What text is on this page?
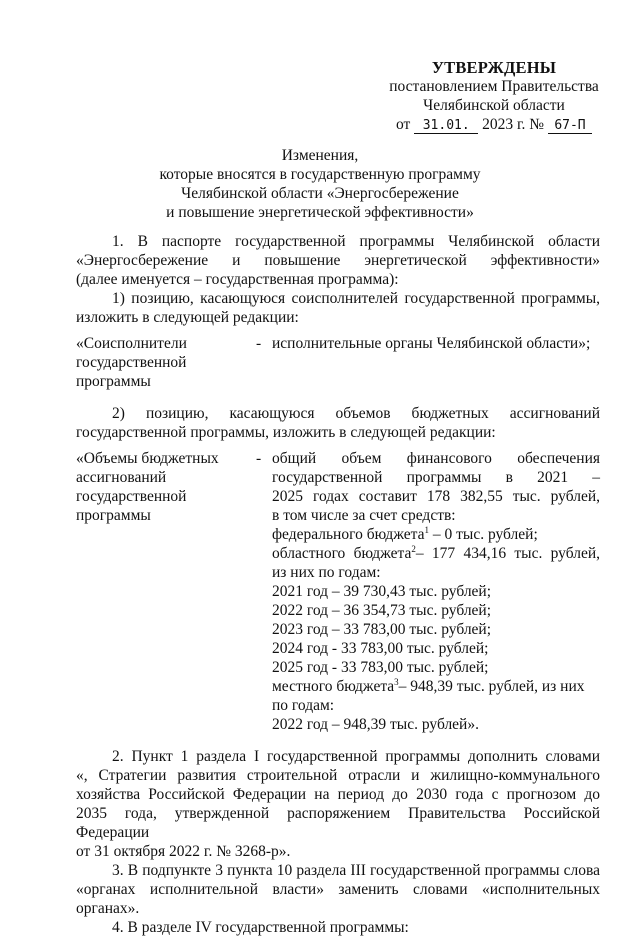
УТВЕРЖДЕНЫ
постановлением Правительства
Челябинской области
от 31.01. 2023 г. № 67-П
Изменения,
которые вносятся в государственную программу
Челябинской области «Энергосбережение
и повышение энергетической эффективности»
1. В паспорте государственной программы Челябинской области
«Энергосбережение и повышение энергетической эффективности»
(далее именуется – государственная программа):
1) позицию, касающуюся соисполнителей государственной программы,
изложить в следующей редакции:
«Соисполнители
государственной
программы
- исполнительные органы Челябинской области»;
2) позицию, касающуюся объемов бюджетных ассигнований
государственной программы, изложить в следующей редакции:
«Объемы бюджетных
ассигнований
государственной
программы
- общий объем финансового обеспечения
государственной программы в 2021 –
2025 годах составит 178 382,55 тыс. рублей,
в том числе за счет средств:
федерального бюджета$^1$ – 0 тыс. рублей;
областного бюджета$^2$– 177 434,16 тыс. рублей,
из них по годам:
2021 год – 39 730,43 тыс. рублей;
2022 год – 36 354,73 тыс. рублей;
2023 год – 33 783,00 тыс. рублей;
2024 год - 33 783,00 тыс. рублей;
2025 год - 33 783,00 тыс. рублей;
местного бюджета$^3$– 948,39 тыс. рублей, из них
по годам:
2022 год – 948,39 тыс. рублей».
2. Пункт 1 раздела I государственной программы дополнить словами
«, Стратегии развития строительной отрасли и жилищно-коммунального
хозяйства Российской Федерации на период до 2030 года с прогнозом до
2035 года, утвержденной распоряжением Правительства Российской Федерации
от 31 октября 2022 г. № 3268-р».
3. В подпункте 3 пункта 10 раздела III государственной программы слова
«органах исполнительной власти» заменить словами «исполнительных
органах».
4. В разделе IV государственной программы:
